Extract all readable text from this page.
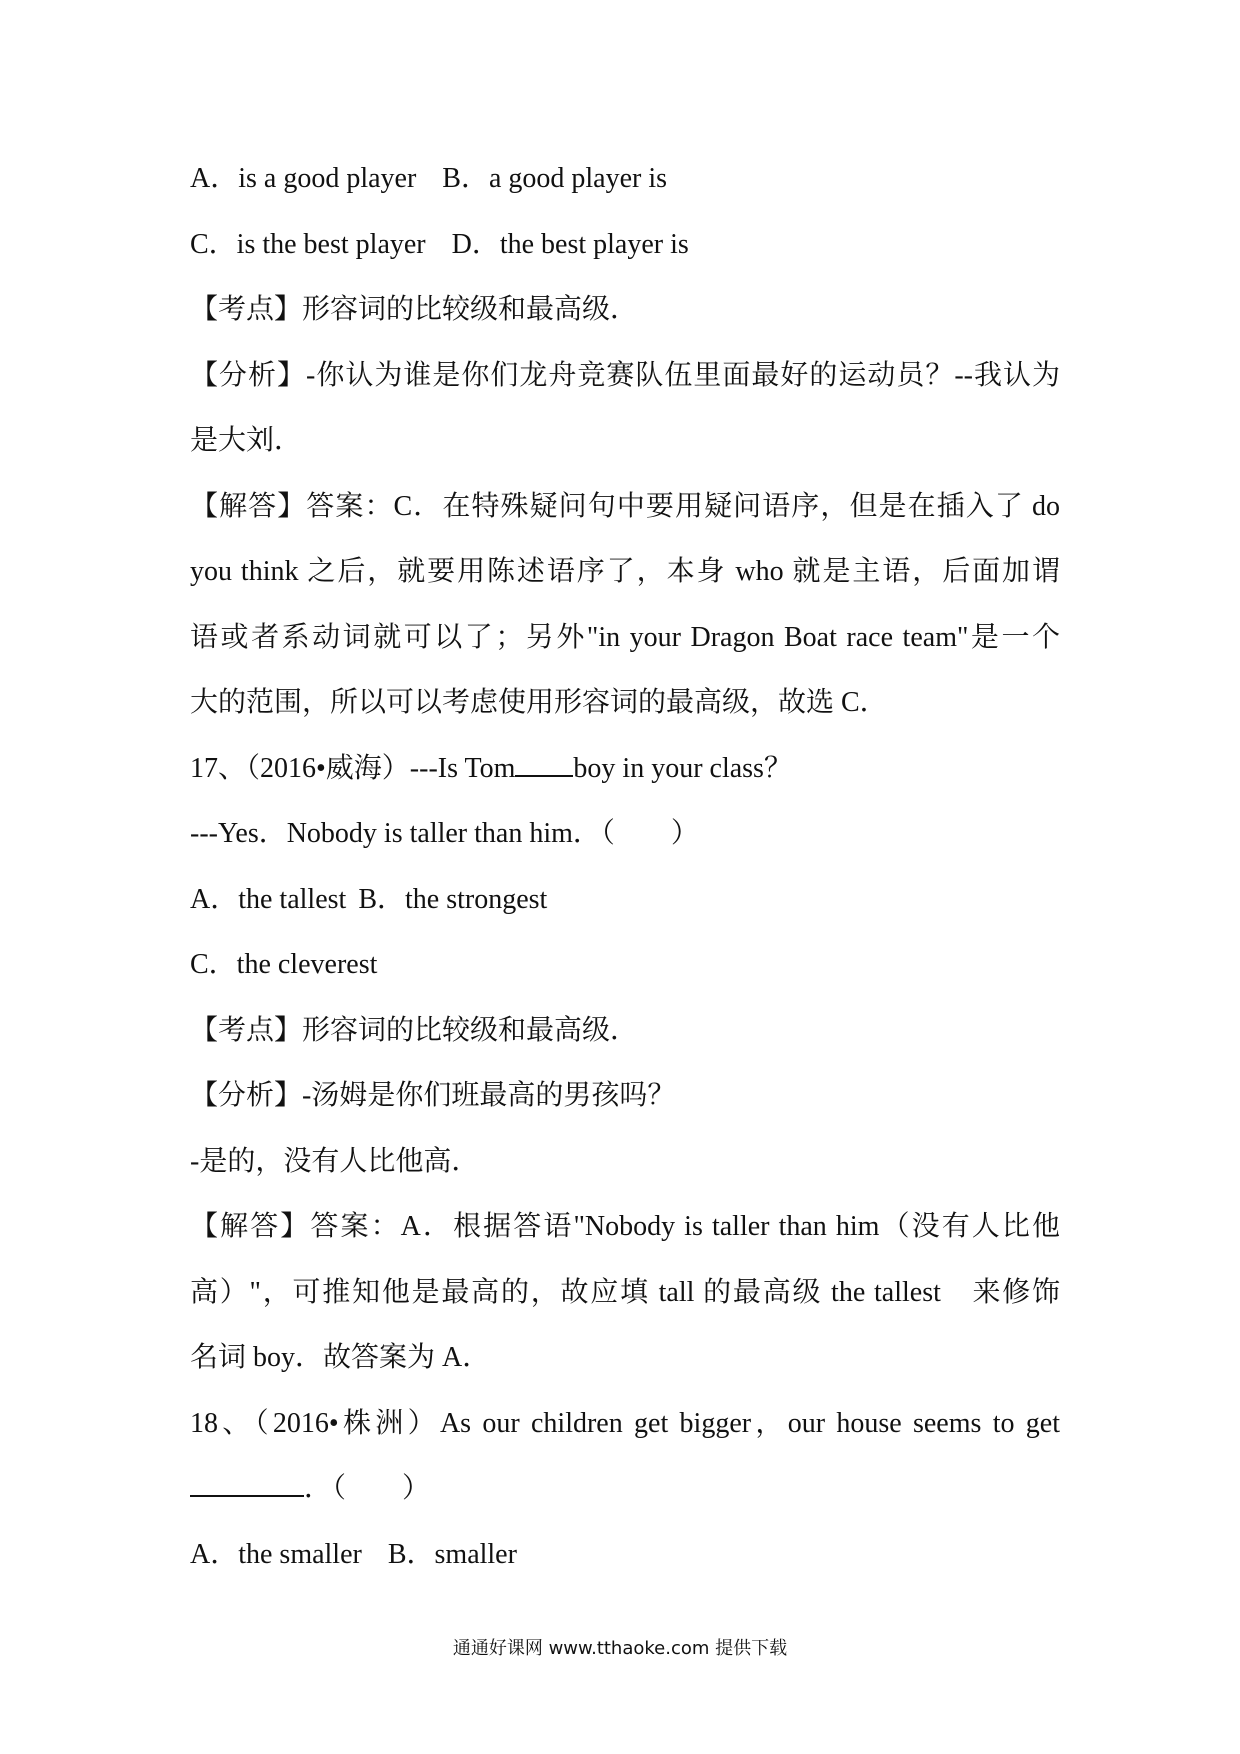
A．is a good player B．a good player is
C．is the best player D．the best player is
【考点】形容词的比较级和最高级．
【分析】-你认为谁是你们龙舟竞赛队伍里面最好的运动员？--我认为
是大刘．
【解答】答案：C．在特殊疑问句中要用疑问语序，但是在插入了 do
you think 之后，就要用陈述语序了，本身 who 就是主语，后面加谓
语或者系动词就可以了；另外"in your Dragon Boat race team"是一个
大的范围，所以可以考虑使用形容词的最高级，故选 C．
17、（2016•威海）---Is Tom boy in your class？
---Yes．Nobody is taller than him．（　　）
A．the tallest B．the strongest
C．the cleverest
【考点】形容词的比较级和最高级．
【分析】-汤姆是你们班最高的男孩吗？
-是的，没有人比他高．
【解答】答案：A．根据答语"Nobody is taller than him（没有人比他
高）"，可推知他是最高的，故应填 tall 的最高级 the tallest　来修饰
名词 boy．故答案为 A．
18、（2016•株洲）As our children get bigger，our house seems to get
．（　　）
A．the smaller B．smaller
通通好课网 www.tthaoke.com 提供下载
